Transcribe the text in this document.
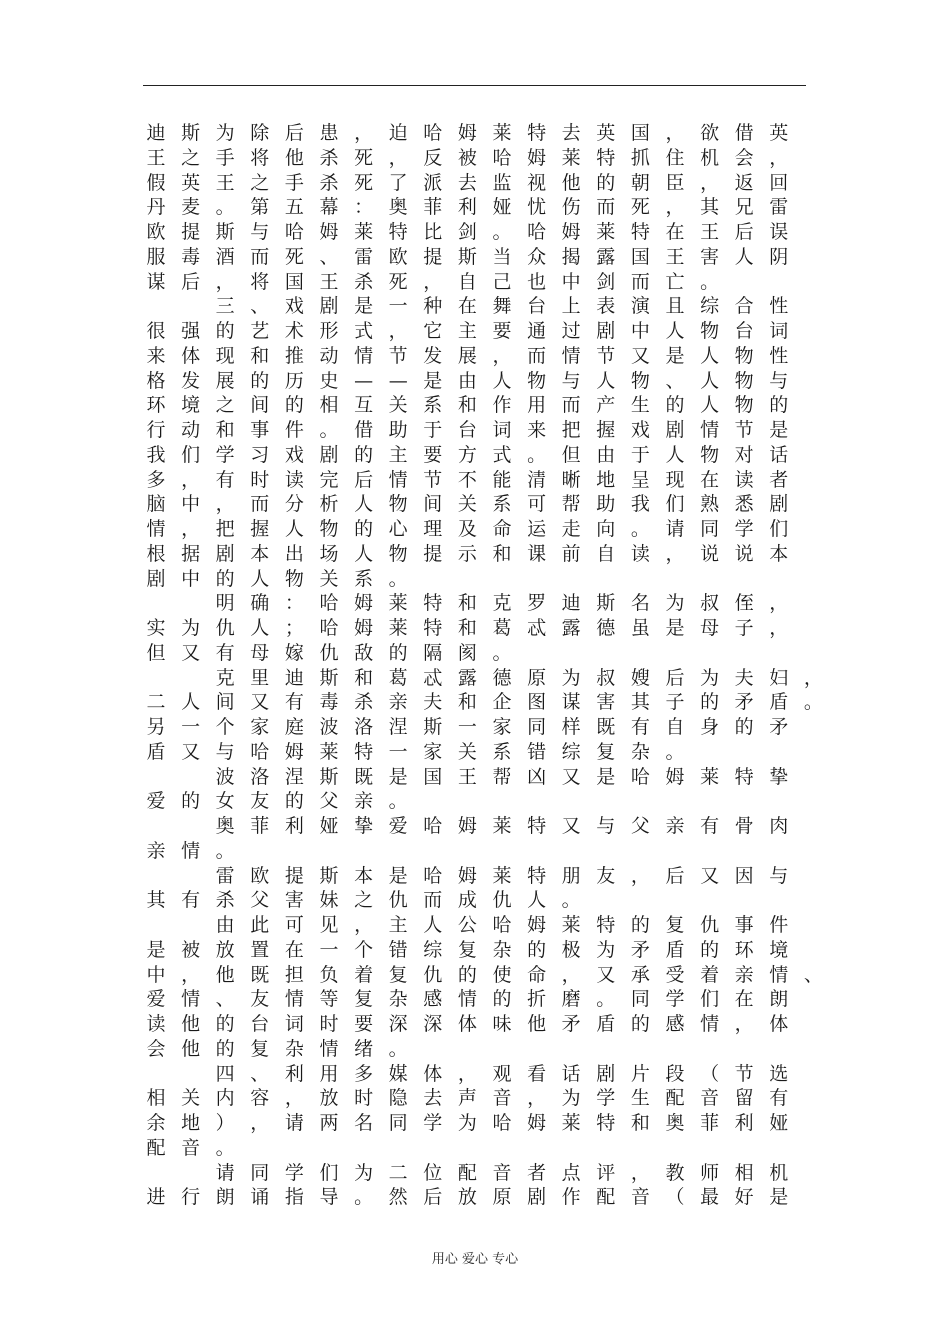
迪 斯 为 除 后 患 ， 迫 哈 姆 莱 特 去 英 国 ， 欲 借 英
王 之 手 将 他 杀 死 ， 反 被 哈 姆 莱 特 抓 住 机 会 ，
假 英 王 之 手 杀 死 了 派 去 监 视 他 的 朝 臣 ， 返 回
丹 麦 。 第 五 幕 ： 奥 菲 利 娅 忧 伤 而 死 ， 其 兄 雷
欧 提 斯 与 哈 姆 莱 特 比 剑 。 哈 姆 莱 特 在 王 后 误
服 毒 酒 而 死 、 雷 欧 提 斯 当 众 揭 露 国 王 害 人 阴
谋 后 ， 将 国 王 杀 死 ， 自 己 也 中 剑 而 亡 。
三 、 戏 剧 是 一 种 在 舞 台 上 表 演 且 综 合 性
很 强 的 艺 术 形 式 ， 它 主 要 通 过 剧 中 人 物 台 词
来 体 现 和 推 动 情 节 发 展 ， 而 情 节 又 是 人 物 性
格 发 展 的 历 史 — — 是 由 人 物 与 人 物 、 人 物 与
环 境 之 间 的 相 互 关 系 和 作 用 而 产 生 的 人 物 的
行 动 和 事 件 。 借 助 于 台 词 来 把 握 戏 剧 情 节 是
我 们 学 习 戏 剧 的 主 要 方 式 。 但 由 于 人 物 对 话
多 ， 有 时 读 完 后 情 节 不 能 清 晰 地 呈 现 在 读 者
脑 中 ， 而 分 析 人 物 间 关 系 可 帮 助 我 们 熟 悉 剧
情 ， 把 握 人 物 的 心 理 及 命 运 走 向 。 请 同 学 们
根 据 剧 本 出 场 人 物 提 示 和 课 前 自 读 ， 说 说 本
剧 中 的 人 物 关 系 。
明 确 ： 哈 姆 莱 特 和 克 罗 迪 斯 名 为 叔 侄 ，
实 为 仇 人 ； 哈 姆 莱 特 和 葛 忒 露 德 虽 是 母 子 ，
但 又 有 母 嫁 仇 敌 的 隔 阂 。
克 里 迪 斯 和 葛 忒 露 德 原 为 叔 嫂 后 为 夫 妇 ，
二 人 间 又 有 毒 杀 亲 夫 和 企 图 谋 害 其 子 的 矛 盾 。
另 一 个 家 庭 波 洛 涅 斯 一 家 同 样 既 有 自 身 的 矛
盾 又 与 哈 姆 莱 特 一 家 关 系 错 综 复 杂 。
波 洛 涅 斯 既 是 国 王 帮 凶 又 是 哈 姆 莱 特 挚
爱 的 女 友 的 父 亲 。
奥 菲 利 娅 挚 爱 哈 姆 莱 特 又 与 父 亲 有 骨 肉
亲 情 。
雷 欧 提 斯 本 是 哈 姆 莱 特 朋 友 ， 后 又 因 与
其 有 杀 父 害 妹 之 仇 而 成 仇 人 。
由 此 可 见 ， 主 人 公 哈 姆 莱 特 的 复 仇 事 件
是 被 放 置 在 一 个 错 综 复 杂 的 极 为 矛 盾 的 环 境
中 ， 他 既 担 负 着 复 仇 的 使 命 ， 又 承 受 着 亲 情 、
爱 情 、 友 情 等 复 杂 感 情 的 折 磨 。 同 学 们 在 朗
读 他 的 台 词 时 要 深 深 体 味 他 矛 盾 的 感 情 ， 体
会 他 的 复 杂 情 绪 。
四 、 利 用 多 媒 体 ， 观 看 话 剧 片 段 （ 节 选
相 关 内 容 ， 放 时 隐 去 声 音 ， 为 学 生 配 音 留 有
余 地 ） ， 请 两 名 同 学 为 哈 姆 莱 特 和 奥 菲 利 娅
配 音 。
请 同 学 们 为 二 位 配 音 者 点 评 ， 教 师 相 机
进 行 朗 诵 指 导 。 然 后 放 原 剧 作 配 音 （ 最 好 是
用心 爱心 专心
